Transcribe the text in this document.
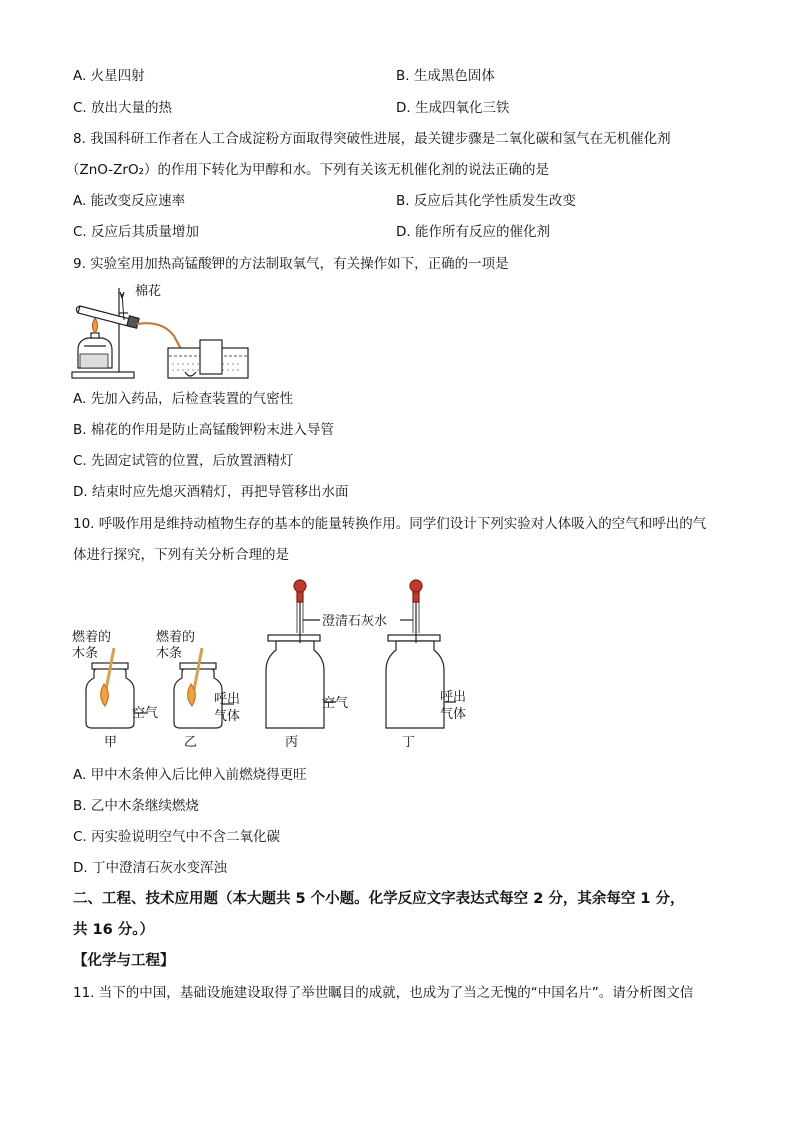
A. 火星四射	B. 生成黑色固体
C. 放出大量的热	D. 生成四氧化三铁
8. 我国科研工作者在人工合成淀粉方面取得突破性进展，最关键步骤是二氧化碳和氢气在无机催化剂
（ZnO-ZrO₂）的作用下转化为甲醇和水。下列有关该无机催化剂的说法正确的是
A. 能改变反应速率	B. 反应后其化学性质发生改变
C. 反应后其质量增加	D. 能作所有反应的催化剂
9. 实验室用加热高锰酸钾的方法制取氧气，有关操作如下，正确的一项是
棉花
A. 先加入药品，后检查装置的气密性
B. 棉花的作用是防止高锰酸钾粉末进入导管
C. 先固定试管的位置，后放置酒精灯
D. 结束时应先熄灭酒精灯，再把导管移出水面
10. 呼吸作用是维持动植物生存的基本的能量转换作用。同学们设计下列实验对人体吸入的空气和呼出的气
体进行探究，下列有关分析合理的是
燃着的
木条
燃着的
木条
空气
呼出
气体
澄清石灰水
空气	呼出
气体
甲	乙	丙	丁
A. 甲中木条伸入后比伸入前燃烧得更旺
B. 乙中木条继续燃烧
C. 丙实验说明空气中不含二氧化碳
D. 丁中澄清石灰水变浑浊
二、工程、技术应用题（本大题共 5 个小题。化学反应文字表达式每空 2 分，其余每空 1 分，
共 16 分。）
【化学与工程】
11. 当下的中国，基础设施建设取得了举世瞩目的成就，也成为了当之无愧的“中国名片”。请分析图文信
